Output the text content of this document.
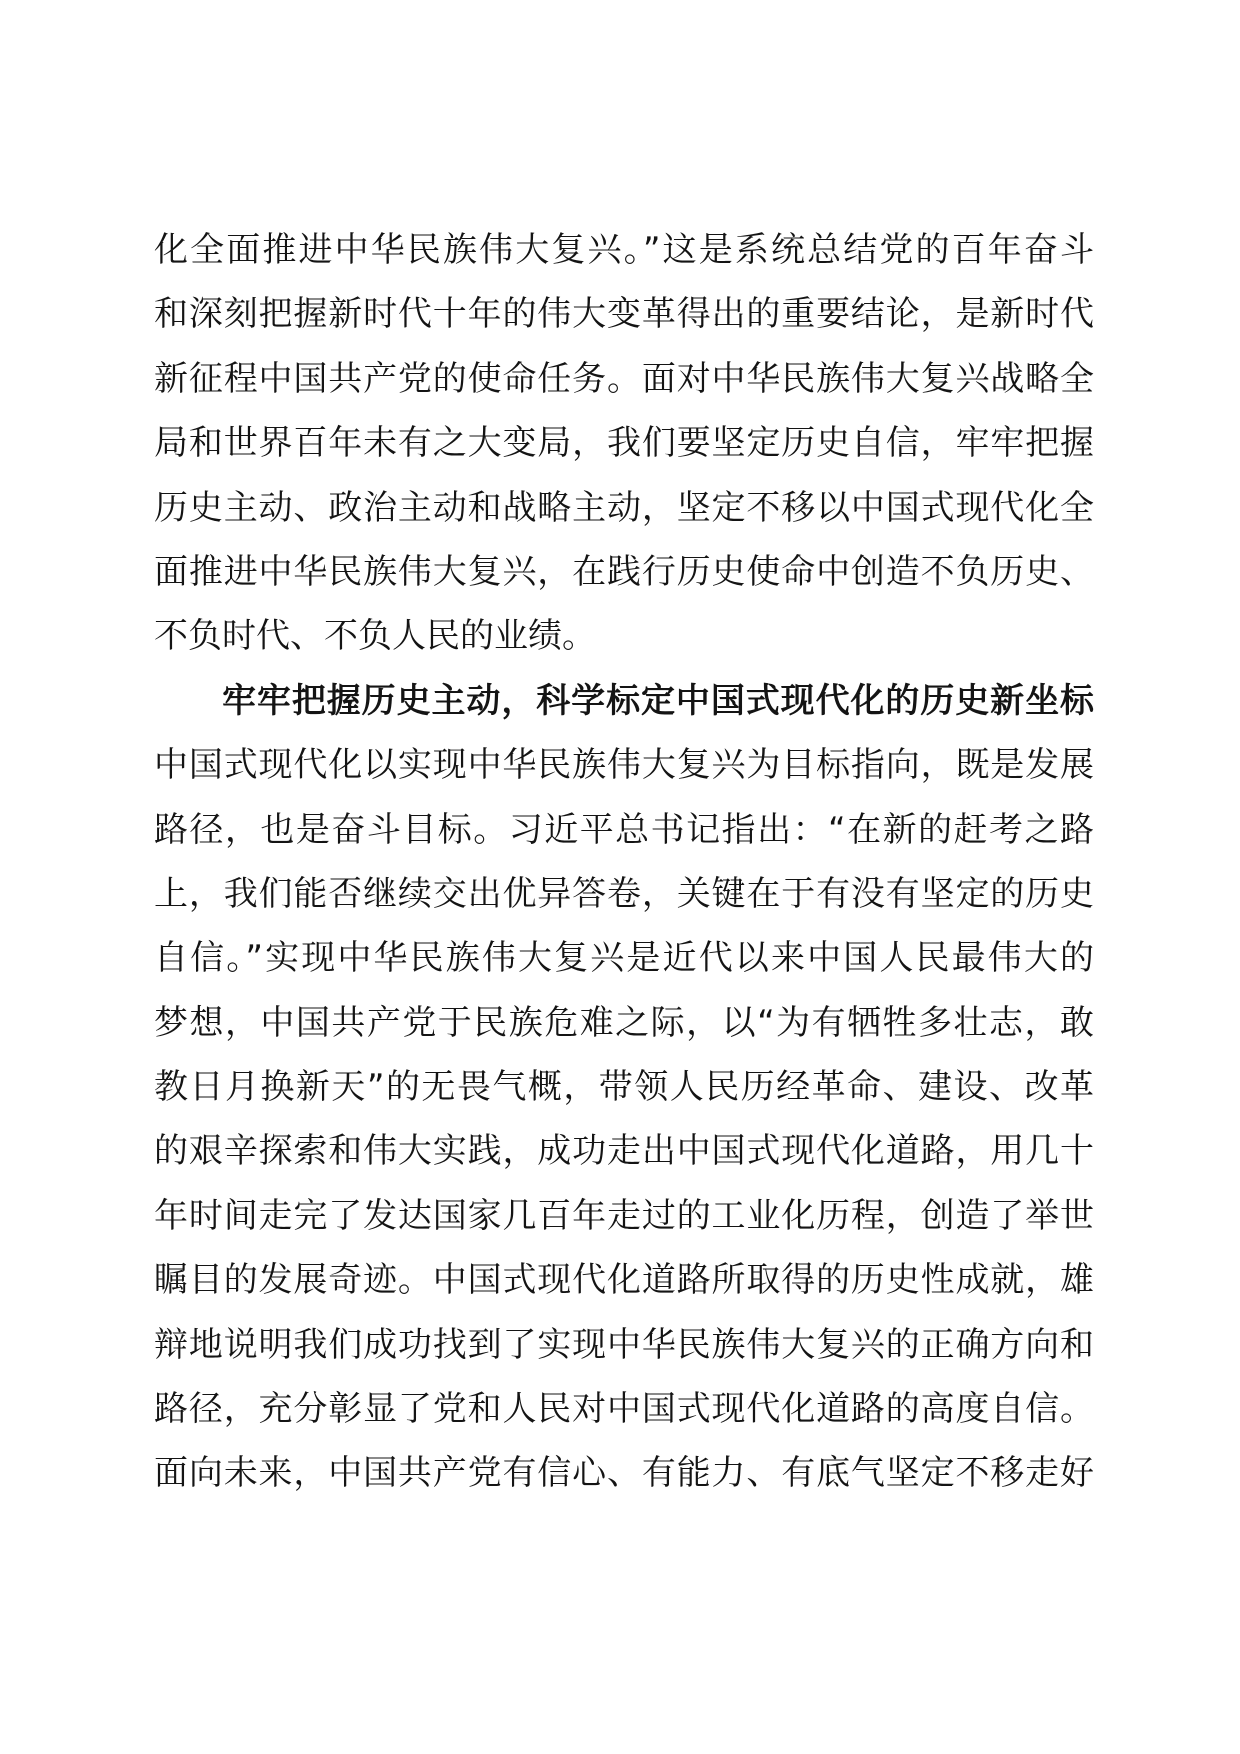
化全面推进中华民族伟大复兴。”这是系统总结党的百年奋斗
和深刻把握新时代十年的伟大变革得出的重要结论，是新时代
新征程中国共产党的使命任务。面对中华民族伟大复兴战略全
局和世界百年未有之大变局，我们要坚定历史自信，牢牢把握
历史主动、政治主动和战略主动，坚定不移以中国式现代化全
面推进中华民族伟大复兴，在践行历史使命中创造不负历史、
不负时代、不负人民的业绩。
牢牢把握历史主动，科学标定中国式现代化的历史新坐标
中国式现代化以实现中华民族伟大复兴为目标指向，既是发展
路径，也是奋斗目标。习近平总书记指出：“在新的赶考之路
上，我们能否继续交出优异答卷，关键在于有没有坚定的历史
自信。”实现中华民族伟大复兴是近代以来中国人民最伟大的
梦想，中国共产党于民族危难之际，以“为有牺牲多壮志，敢
教日月换新天”的无畏气概，带领人民历经革命、建设、改革
的艰辛探索和伟大实践，成功走出中国式现代化道路，用几十
年时间走完了发达国家几百年走过的工业化历程，创造了举世
瞩目的发展奇迹。中国式现代化道路所取得的历史性成就，雄
辩地说明我们成功找到了实现中华民族伟大复兴的正确方向和
路径，充分彰显了党和人民对中国式现代化道路的高度自信。
面向未来，中国共产党有信心、有能力、有底气坚定不移走好
